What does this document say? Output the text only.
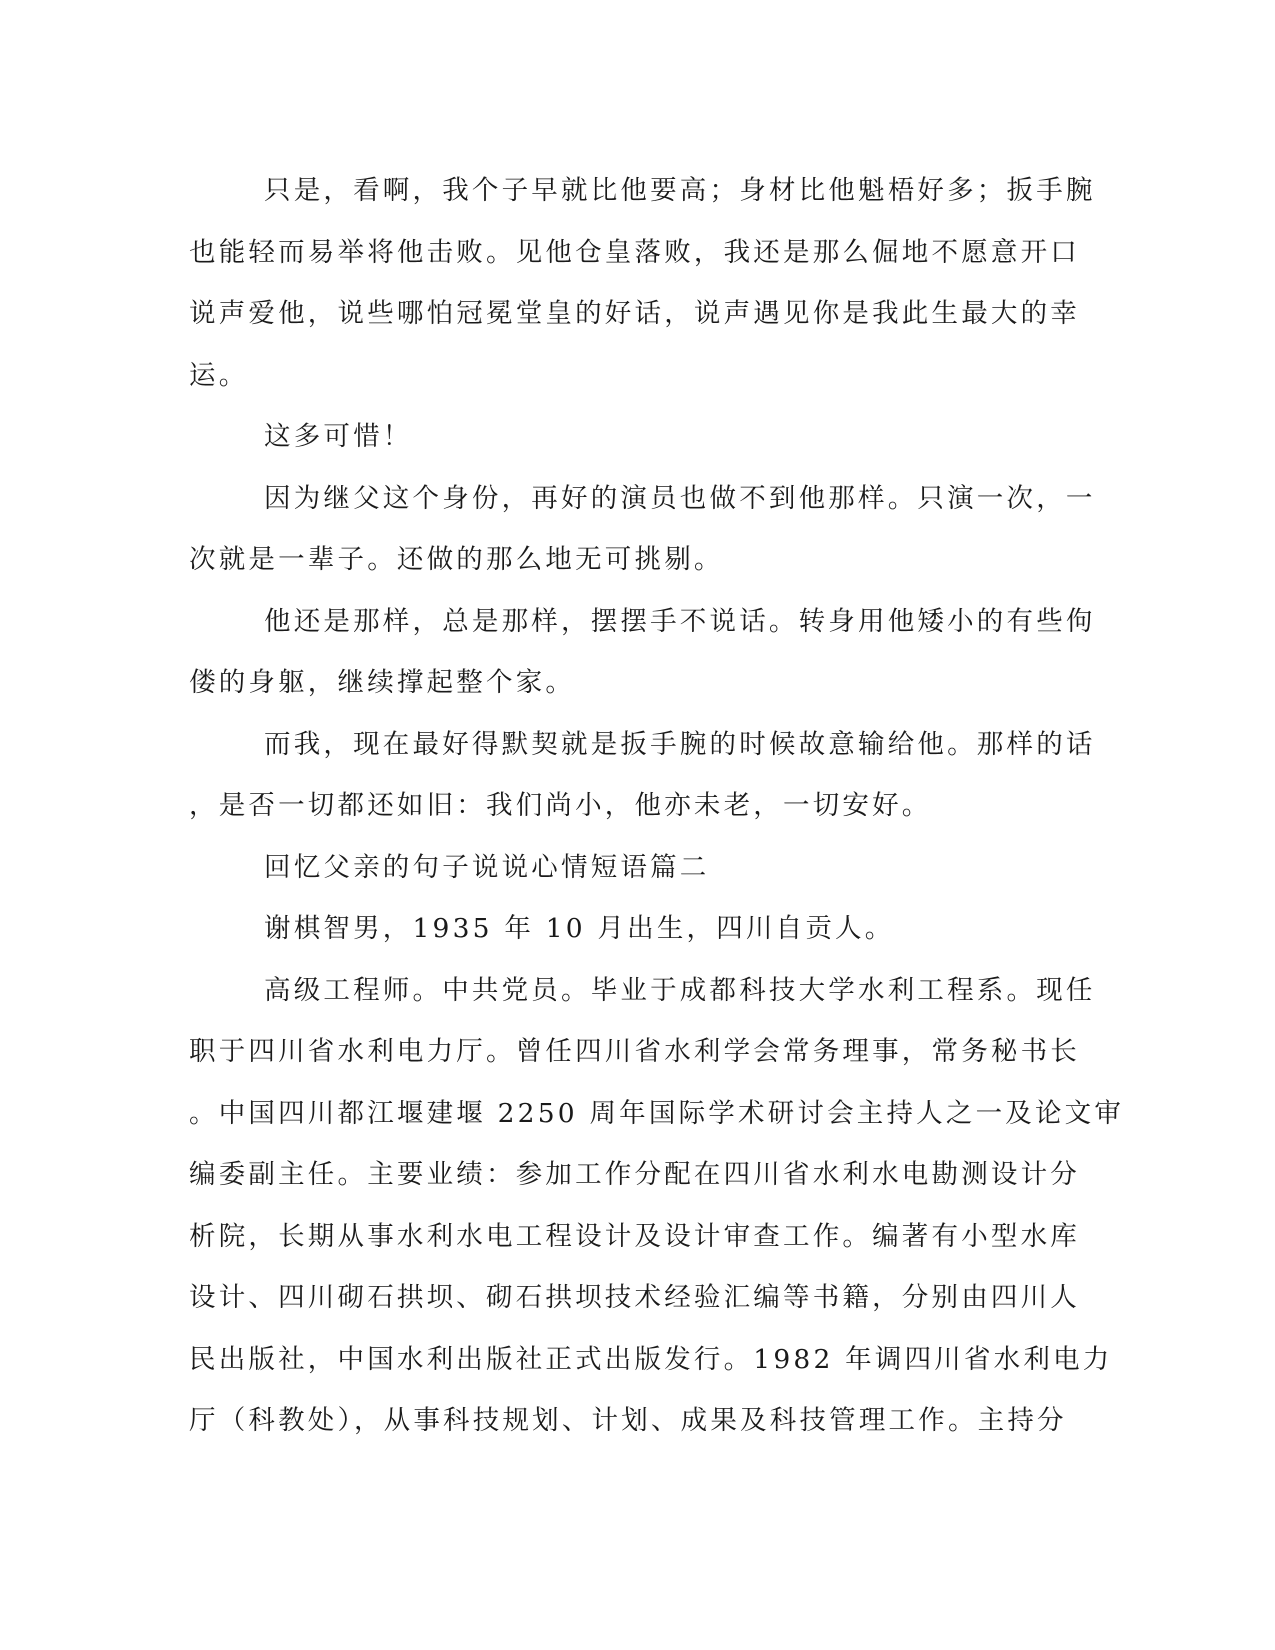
只是，看啊，我个子早就比他要高；身材比他魁梧好多；扳手腕
也能轻而易举将他击败。见他仓皇落败，我还是那么倔地不愿意开口
说声爱他，说些哪怕冠冕堂皇的好话，说声遇见你是我此生最大的幸
运。
这多可惜！
因为继父这个身份，再好的演员也做不到他那样。只演一次，一
次就是一辈子。还做的那么地无可挑剔。
他还是那样，总是那样，摆摆手不说话。转身用他矮小的有些佝
偻的身躯，继续撑起整个家。
而我，现在最好得默契就是扳手腕的时候故意输给他。那样的话
，是否一切都还如旧：我们尚小，他亦未老，一切安好。
回忆父亲的句子说说心情短语篇二
谢棋智男，1935 年 10 月出生，四川自贡人。
高级工程师。中共党员。毕业于成都科技大学水利工程系。现任
职于四川省水利电力厅。曾任四川省水利学会常务理事，常务秘书长
。中国四川都江堰建堰 2250 周年国际学术研讨会主持人之一及论文审
编委副主任。主要业绩：参加工作分配在四川省水利水电勘测设计分
析院，长期从事水利水电工程设计及设计审查工作。编著有小型水库
设计、四川砌石拱坝、砌石拱坝技术经验汇编等书籍，分别由四川人
民出版社，中国水利出版社正式出版发行。1982 年调四川省水利电力
厅（科教处），从事科技规划、计划、成果及科技管理工作。主持分
